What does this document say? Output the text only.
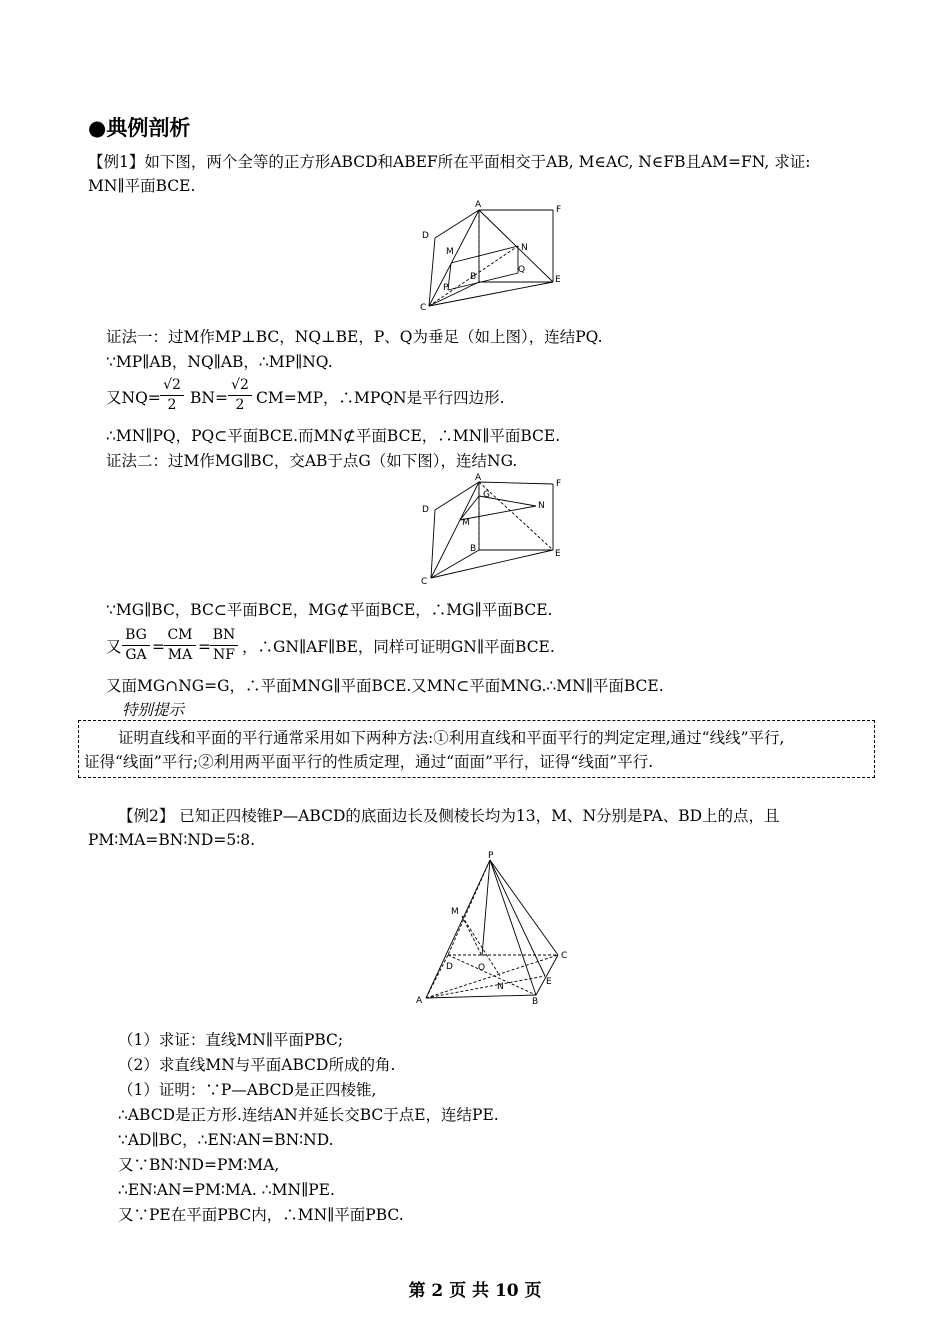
●典例剖析
【例1】如下图，两个全等的正方形ABCD和ABEF所在平面相交于AB, M∈AC, N∈FB且AM=FN, 求证:
MN∥平面BCE.
A	F
D
M	N
B
Q
P
E
C
证法一：过M作MP⊥BC，NQ⊥BE，P、Q为垂足（如上图），连结PQ.
∵MP∥AB，NQ∥AB，∴MP∥NQ.
又$NQ= \frac{√2}{2} BN= \frac{√2}{2} CM=MP$，∴MPQN是平行四边形.
∴MN∥PQ，PQ⊂平面BCE.而MN⊄平面BCE，∴MN∥平面BCE.
证法二：过M作MG∥BC，交AB于点G（如下图），连结NG.
A
G
F
D	N
M
B	E
C
∵MG∥BC，BC⊂平面BCE，MG⊄平面BCE，∴MG∥平面BCE.
又 $\frac{BG}{GA} = \frac{CM}{MA} = \frac{BN}{NF}$ ，∴GN∥AF∥BE，同样可证明GN∥平面BCE.
又面MG∩NG=G，∴平面MNG∥平面BCE.又MN⊂平面MNG.∴MN∥平面BCE.
特别提示
证明直线和平面的平行通常采用如下两种方法:①利用直线和平面平行的判定定理,通过“线线”平行,
证得“线面”平行;②利用两平面平行的性质定理，通过“面面”平行，证得“线面”平行.
【例2】 已知正四棱锥P—ABCD的底面边长及侧棱长均为13，M、N分别是PA、BD上的点，且
PM∶MA=BN∶ND=5∶8.
P
M
C
D	O
E
A
N
B
（1）求证：直线MN∥平面PBC;
（2）求直线MN与平面ABCD所成的角.
（1）证明：∵P—ABCD是正四棱锥,
∴ABCD是正方形.连结AN并延长交BC于点E，连结PE.
∵AD∥BC，∴EN∶AN=BN∶ND.
又∵BN∶ND=PM∶MA,
∴EN∶AN=PM∶MA. ∴MN∥PE.
又∵PE在平面PBC内，∴MN∥平面PBC.
第 2 页 共 10 页
